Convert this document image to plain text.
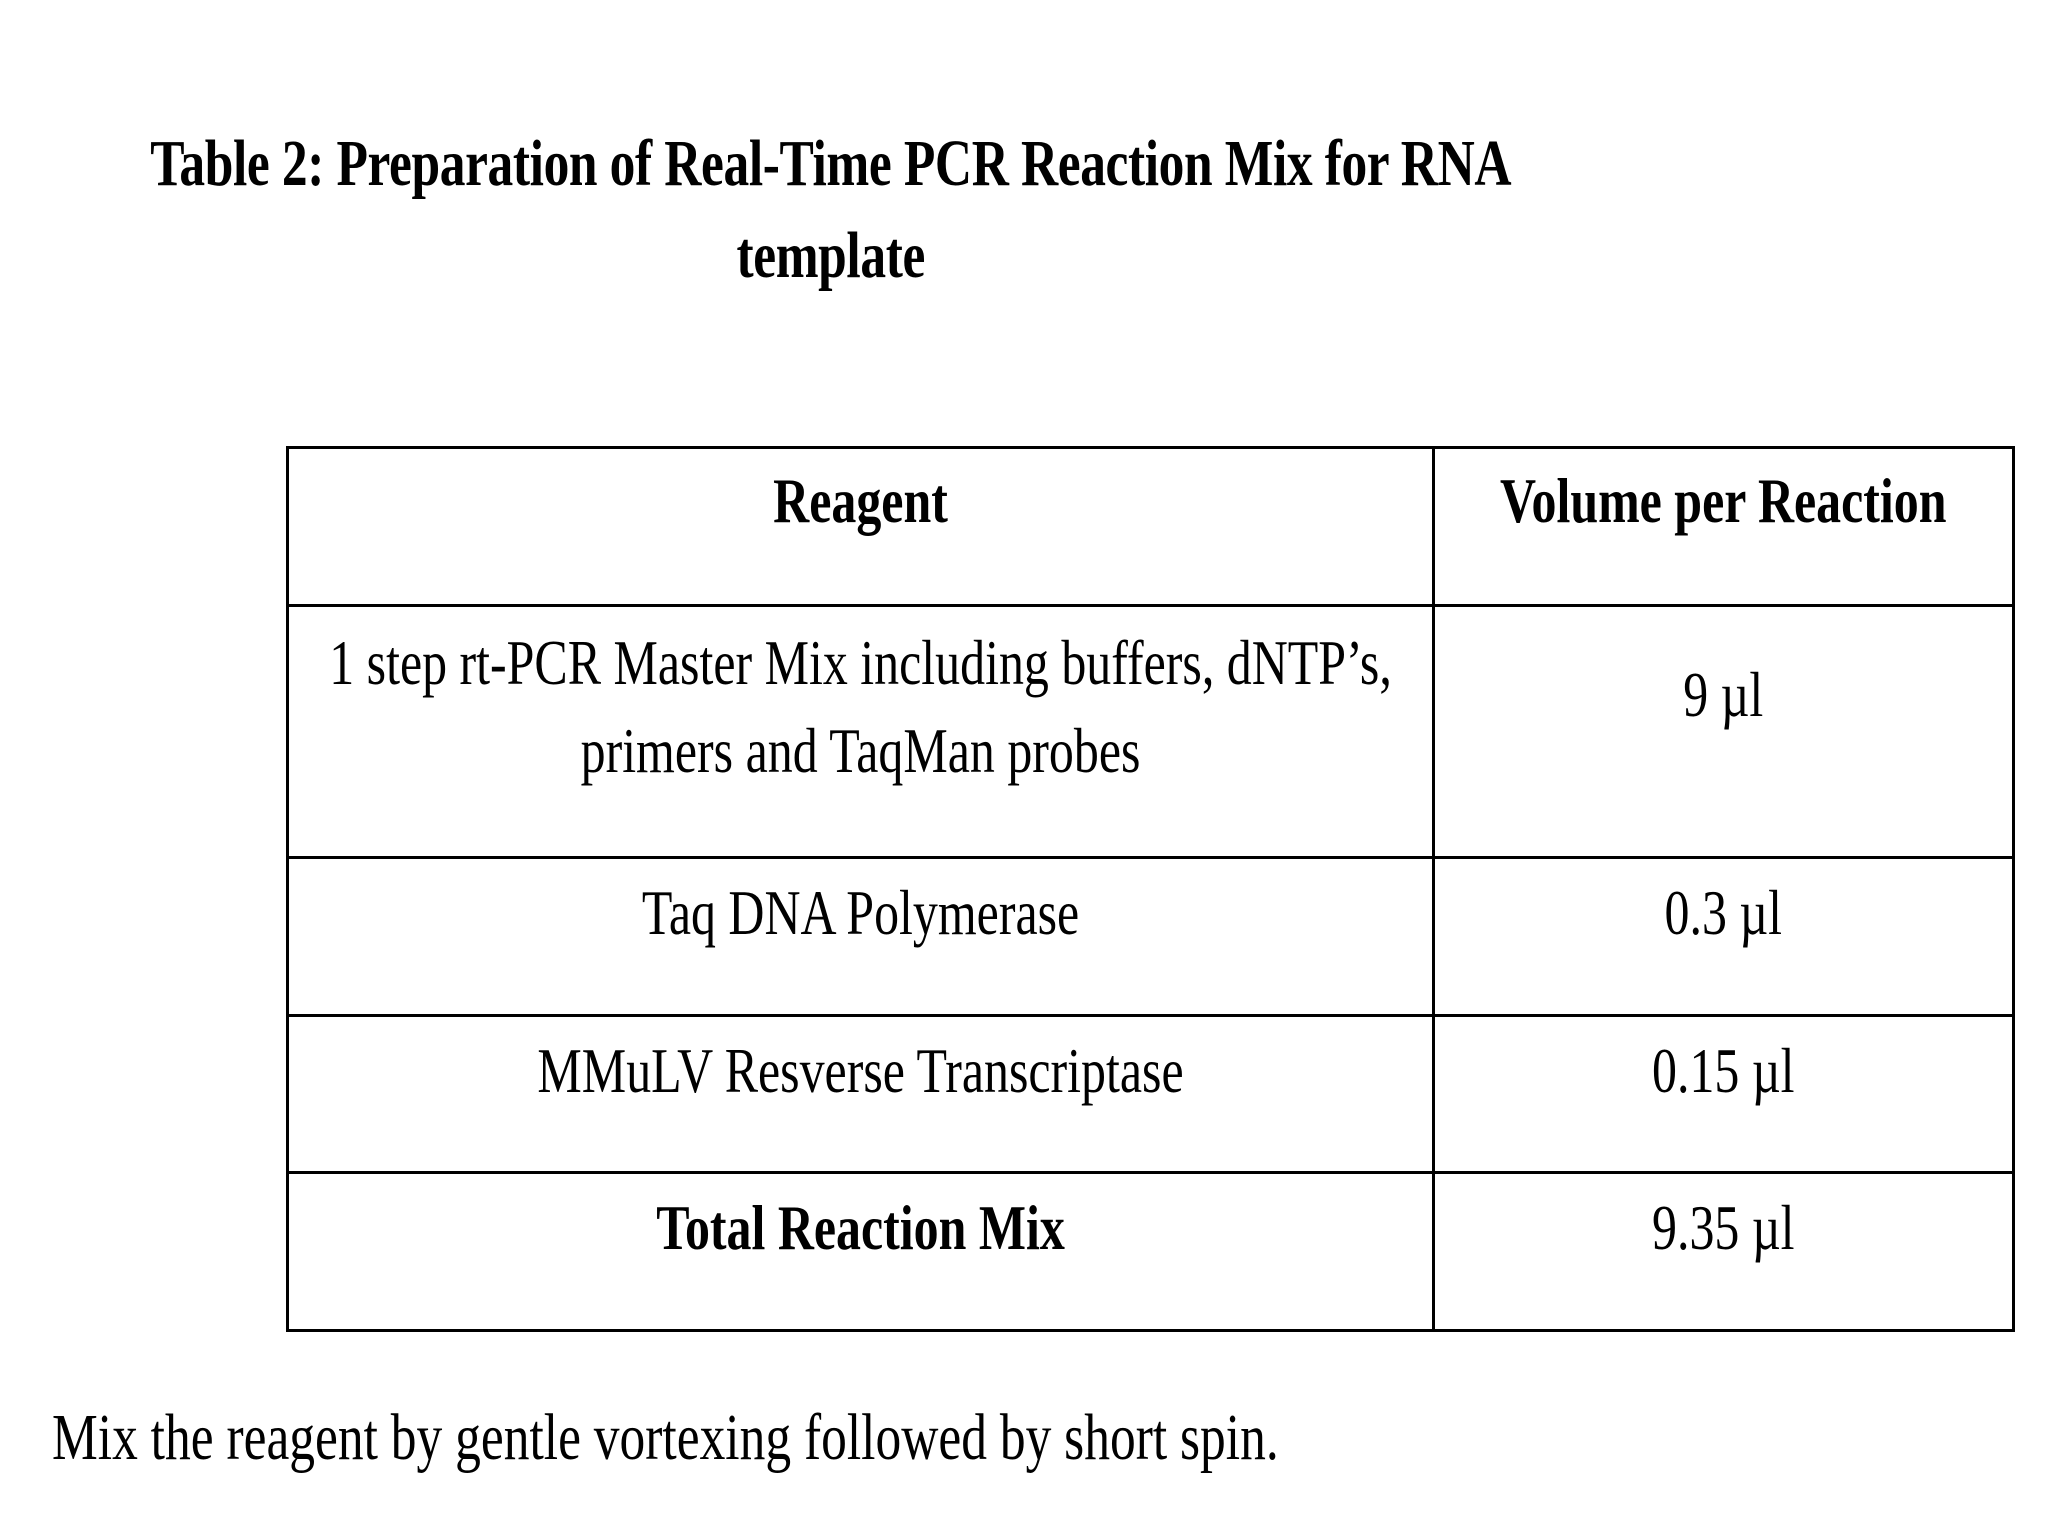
Table 2: Preparation of Real-Time PCR Reaction Mix for RNA
template
Reagent	Volume per Reaction

1 step rt-PCR Master Mix including buffers, dNTP’s,
primers and TaqMan probes	9 µl

Taq DNA Polymerase	0.3 µl

MMuLV Resverse Transcriptase	0.15 µl

Total Reaction Mix	9.35 µl

Mix the reagent by gentle vortexing followed by short spin.
